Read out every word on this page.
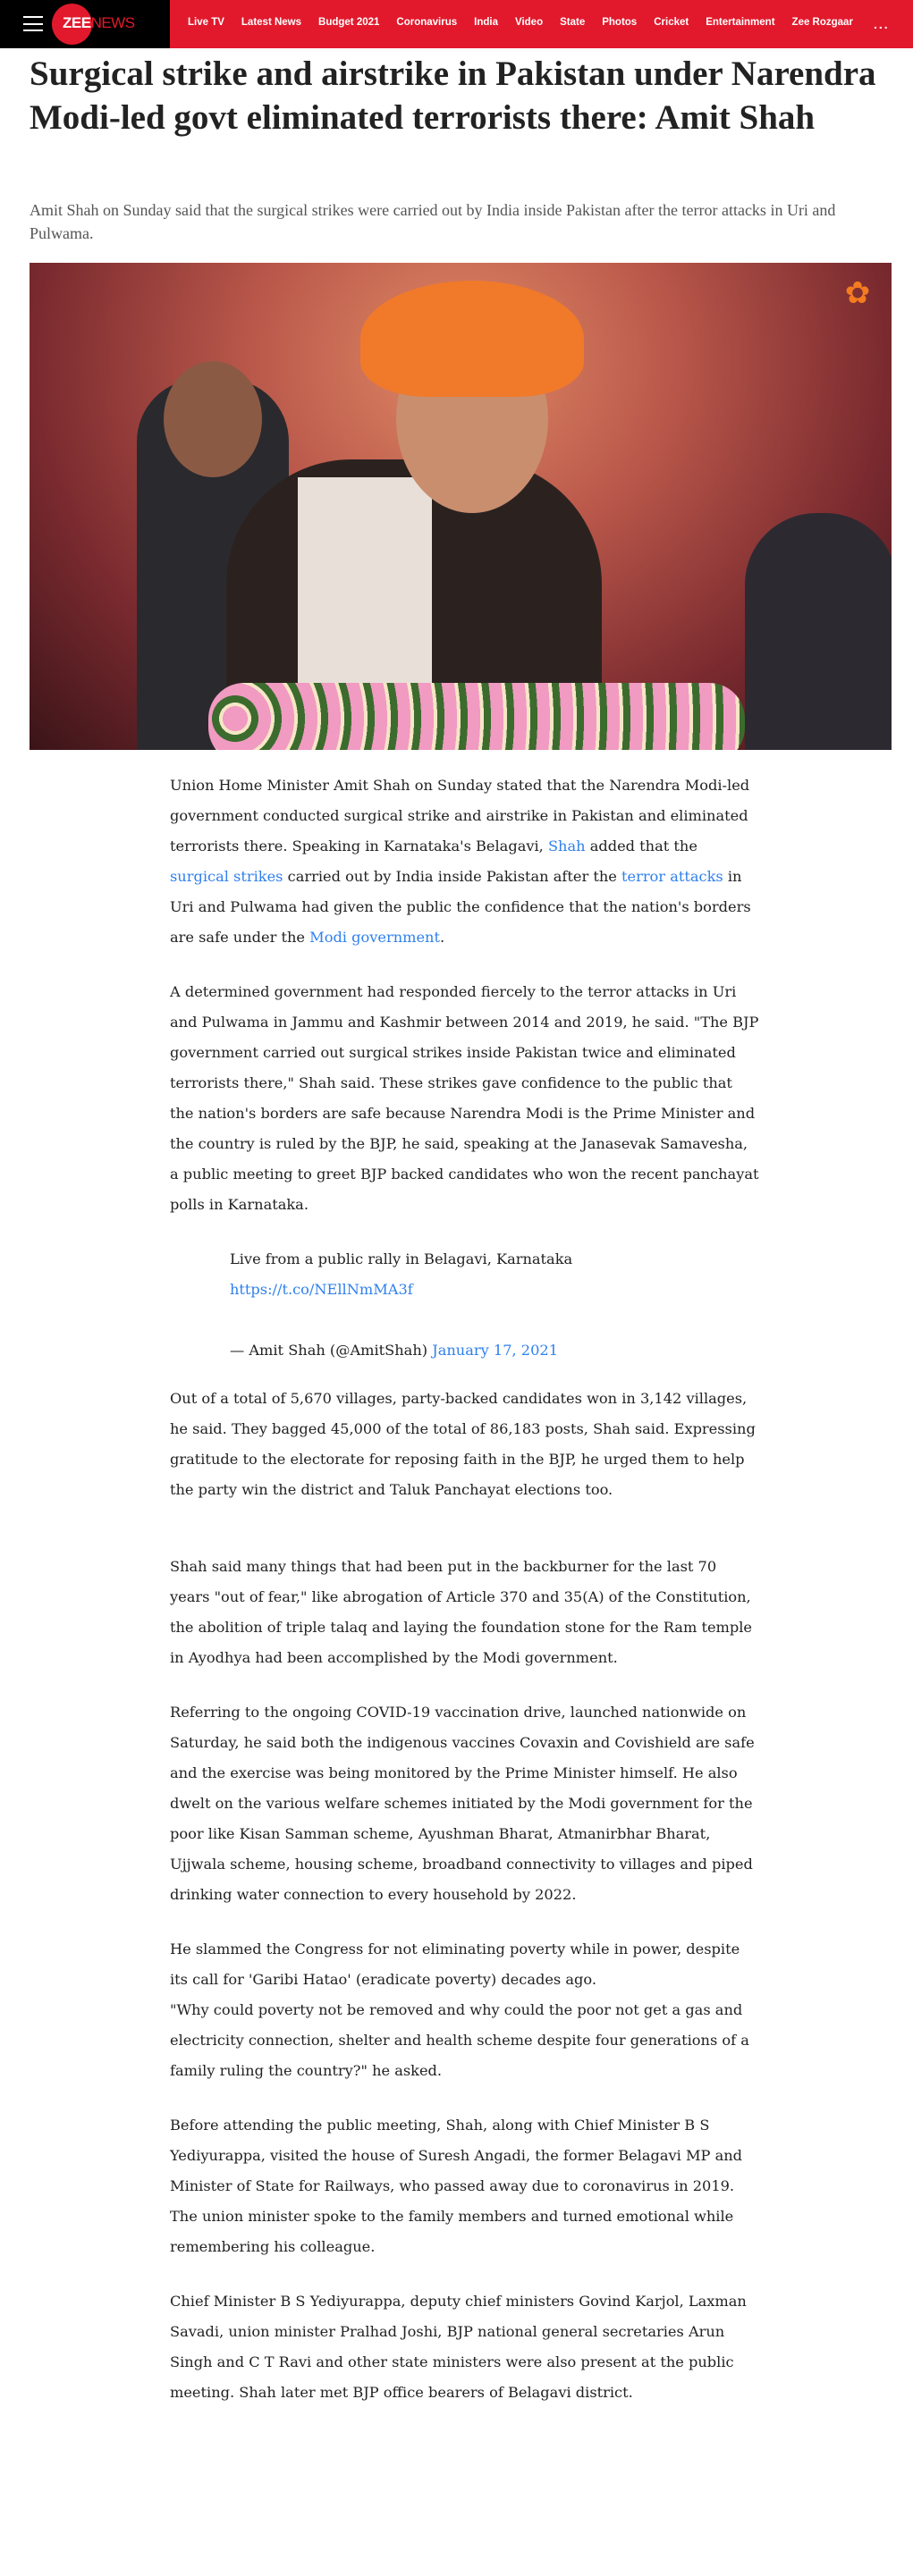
ZEENEWS	Live TV Latest News Budget 2021 Coronavirus India Video State Photos Cricket Entertainment Zee Rozgaar ...
Surgical strike and airstrike in Pakistan under Narendra Modi-led govt eliminated terrorists there: Amit Shah
Amit Shah on Sunday said that the surgical strikes were carried out by India inside Pakistan after the terror attacks in Uri and Pulwama.
✿

Union Home Minister Amit Shah on Sunday stated that the Narendra Modi-led government conducted surgical strike and airstrike in Pakistan and eliminated terrorists there. Speaking in Karnataka's Belagavi, Shah added that the surgical strikes carried out by India inside Pakistan after the terror attacks in Uri and Pulwama had given the public the confidence that the nation's borders are safe under the Modi government.

A determined government had responded fiercely to the terror attacks in Uri and Pulwama in Jammu and Kashmir between 2014 and 2019, he said. "The BJP government carried out surgical strikes inside Pakistan twice and eliminated terrorists there," Shah said. These strikes gave confidence to the public that the nation's borders are safe because Narendra Modi is the Prime Minister and the country is ruled by the BJP, he said, speaking at the Janasevak Samavesha, a public meeting to greet BJP backed candidates who won the recent panchayat polls in Karnataka.

Live from a public rally in Belagavi, Karnataka
https://t.co/NEllNmMA3f
— Amit Shah (@AmitShah) January 17, 2021

Out of a total of 5,670 villages, party-backed candidates won in 3,142 villages, he said. They bagged 45,000 of the total of 86,183 posts, Shah said. Expressing gratitude to the electorate for reposing faith in the BJP, he urged them to help the party win the district and Taluk Panchayat elections too.

Shah said many things that had been put in the backburner for the last 70 years "out of fear," like abrogation of Article 370 and 35(A) of the Constitution, the abolition of triple talaq and laying the foundation stone for the Ram temple in Ayodhya had been accomplished by the Modi government.

Referring to the ongoing COVID-19 vaccination drive, launched nationwide on Saturday, he said both the indigenous vaccines Covaxin and Covishield are safe and the exercise was being monitored by the Prime Minister himself. He also dwelt on the various welfare schemes initiated by the Modi government for the poor like Kisan Samman scheme, Ayushman Bharat, Atmanirbhar Bharat, Ujjwala scheme, housing scheme, broadband connectivity to villages and piped drinking water connection to every household by 2022.

He slammed the Congress for not eliminating poverty while in power, despite its call for 'Garibi Hatao' (eradicate poverty) decades ago.
"Why could poverty not be removed and why could the poor not get a gas and electricity connection, shelter and health scheme despite four generations of a family ruling the country?" he asked.

Before attending the public meeting, Shah, along with Chief Minister B S Yediyurappa, visited the house of Suresh Angadi, the former Belagavi MP and Minister of State for Railways, who passed away due to coronavirus in 2019. The union minister spoke to the family members and turned emotional while remembering his colleague.

Chief Minister B S Yediyurappa, deputy chief ministers Govind Karjol, Laxman Savadi, union minister Pralhad Joshi, BJP national general secretaries Arun Singh and C T Ravi and other state ministers were also present at the public meeting. Shah later met BJP office bearers of Belagavi district.
